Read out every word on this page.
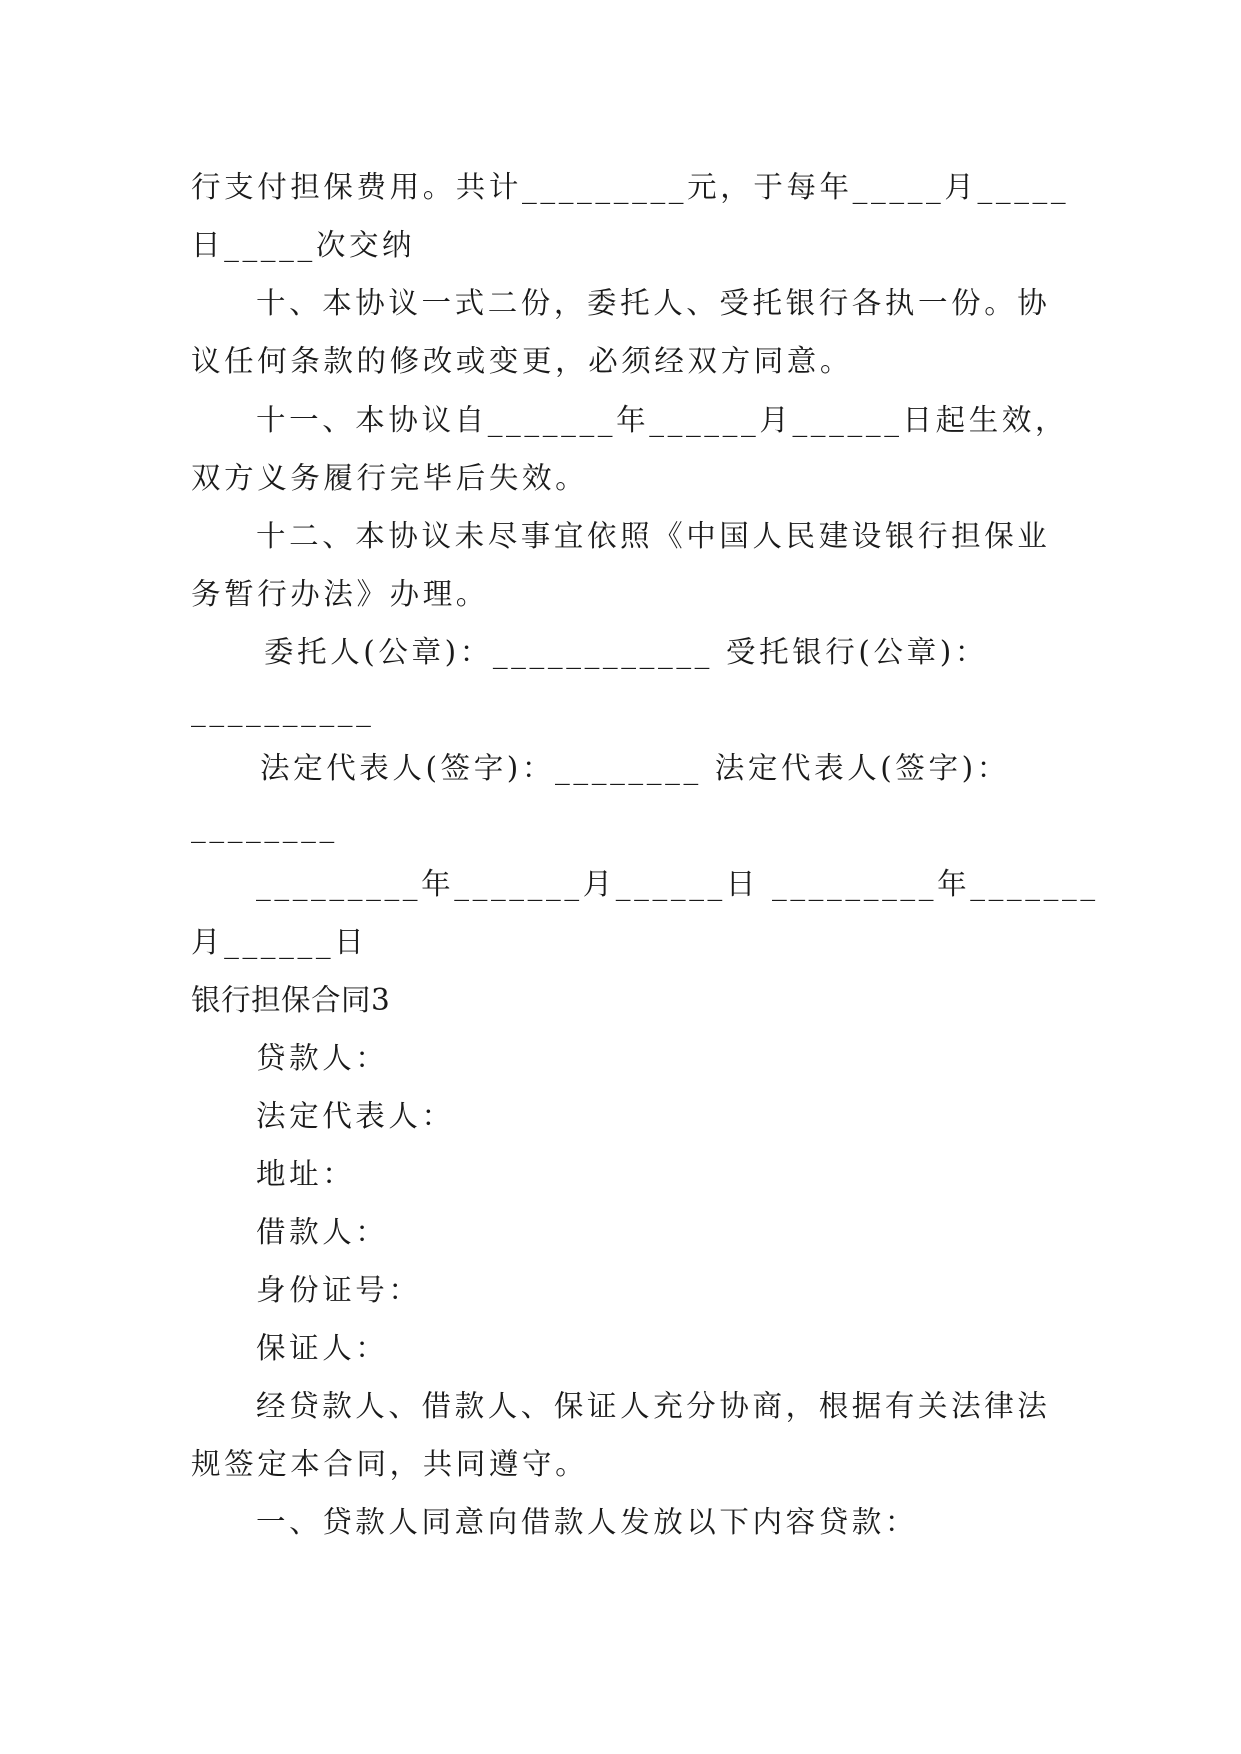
行支付担保费用。共计_________元，于每年_____月_____
日_____次交纳
十、本协议一式二份，委托人、受托银行各执一份。协
议任何条款的修改或变更，必须经双方同意。
十一、本协议自_______年______月______日起生效，
双方义务履行完毕后失效。
十二、本协议未尽事宜依照《中国人民建设银行担保业
务暂行办法》办理。
委托人(公章)：____________ 受托银行(公章)：
__________
法定代表人(签字)：________ 法定代表人(签字)：
________
_________年_______月______日 _________年_______
月______日
银行担保合同3
贷款人：
法定代表人：
地址：
借款人：
身份证号：
保证人：
经贷款人、借款人、保证人充分协商，根据有关法律法
规签定本合同，共同遵守。
一、贷款人同意向借款人发放以下内容贷款：
